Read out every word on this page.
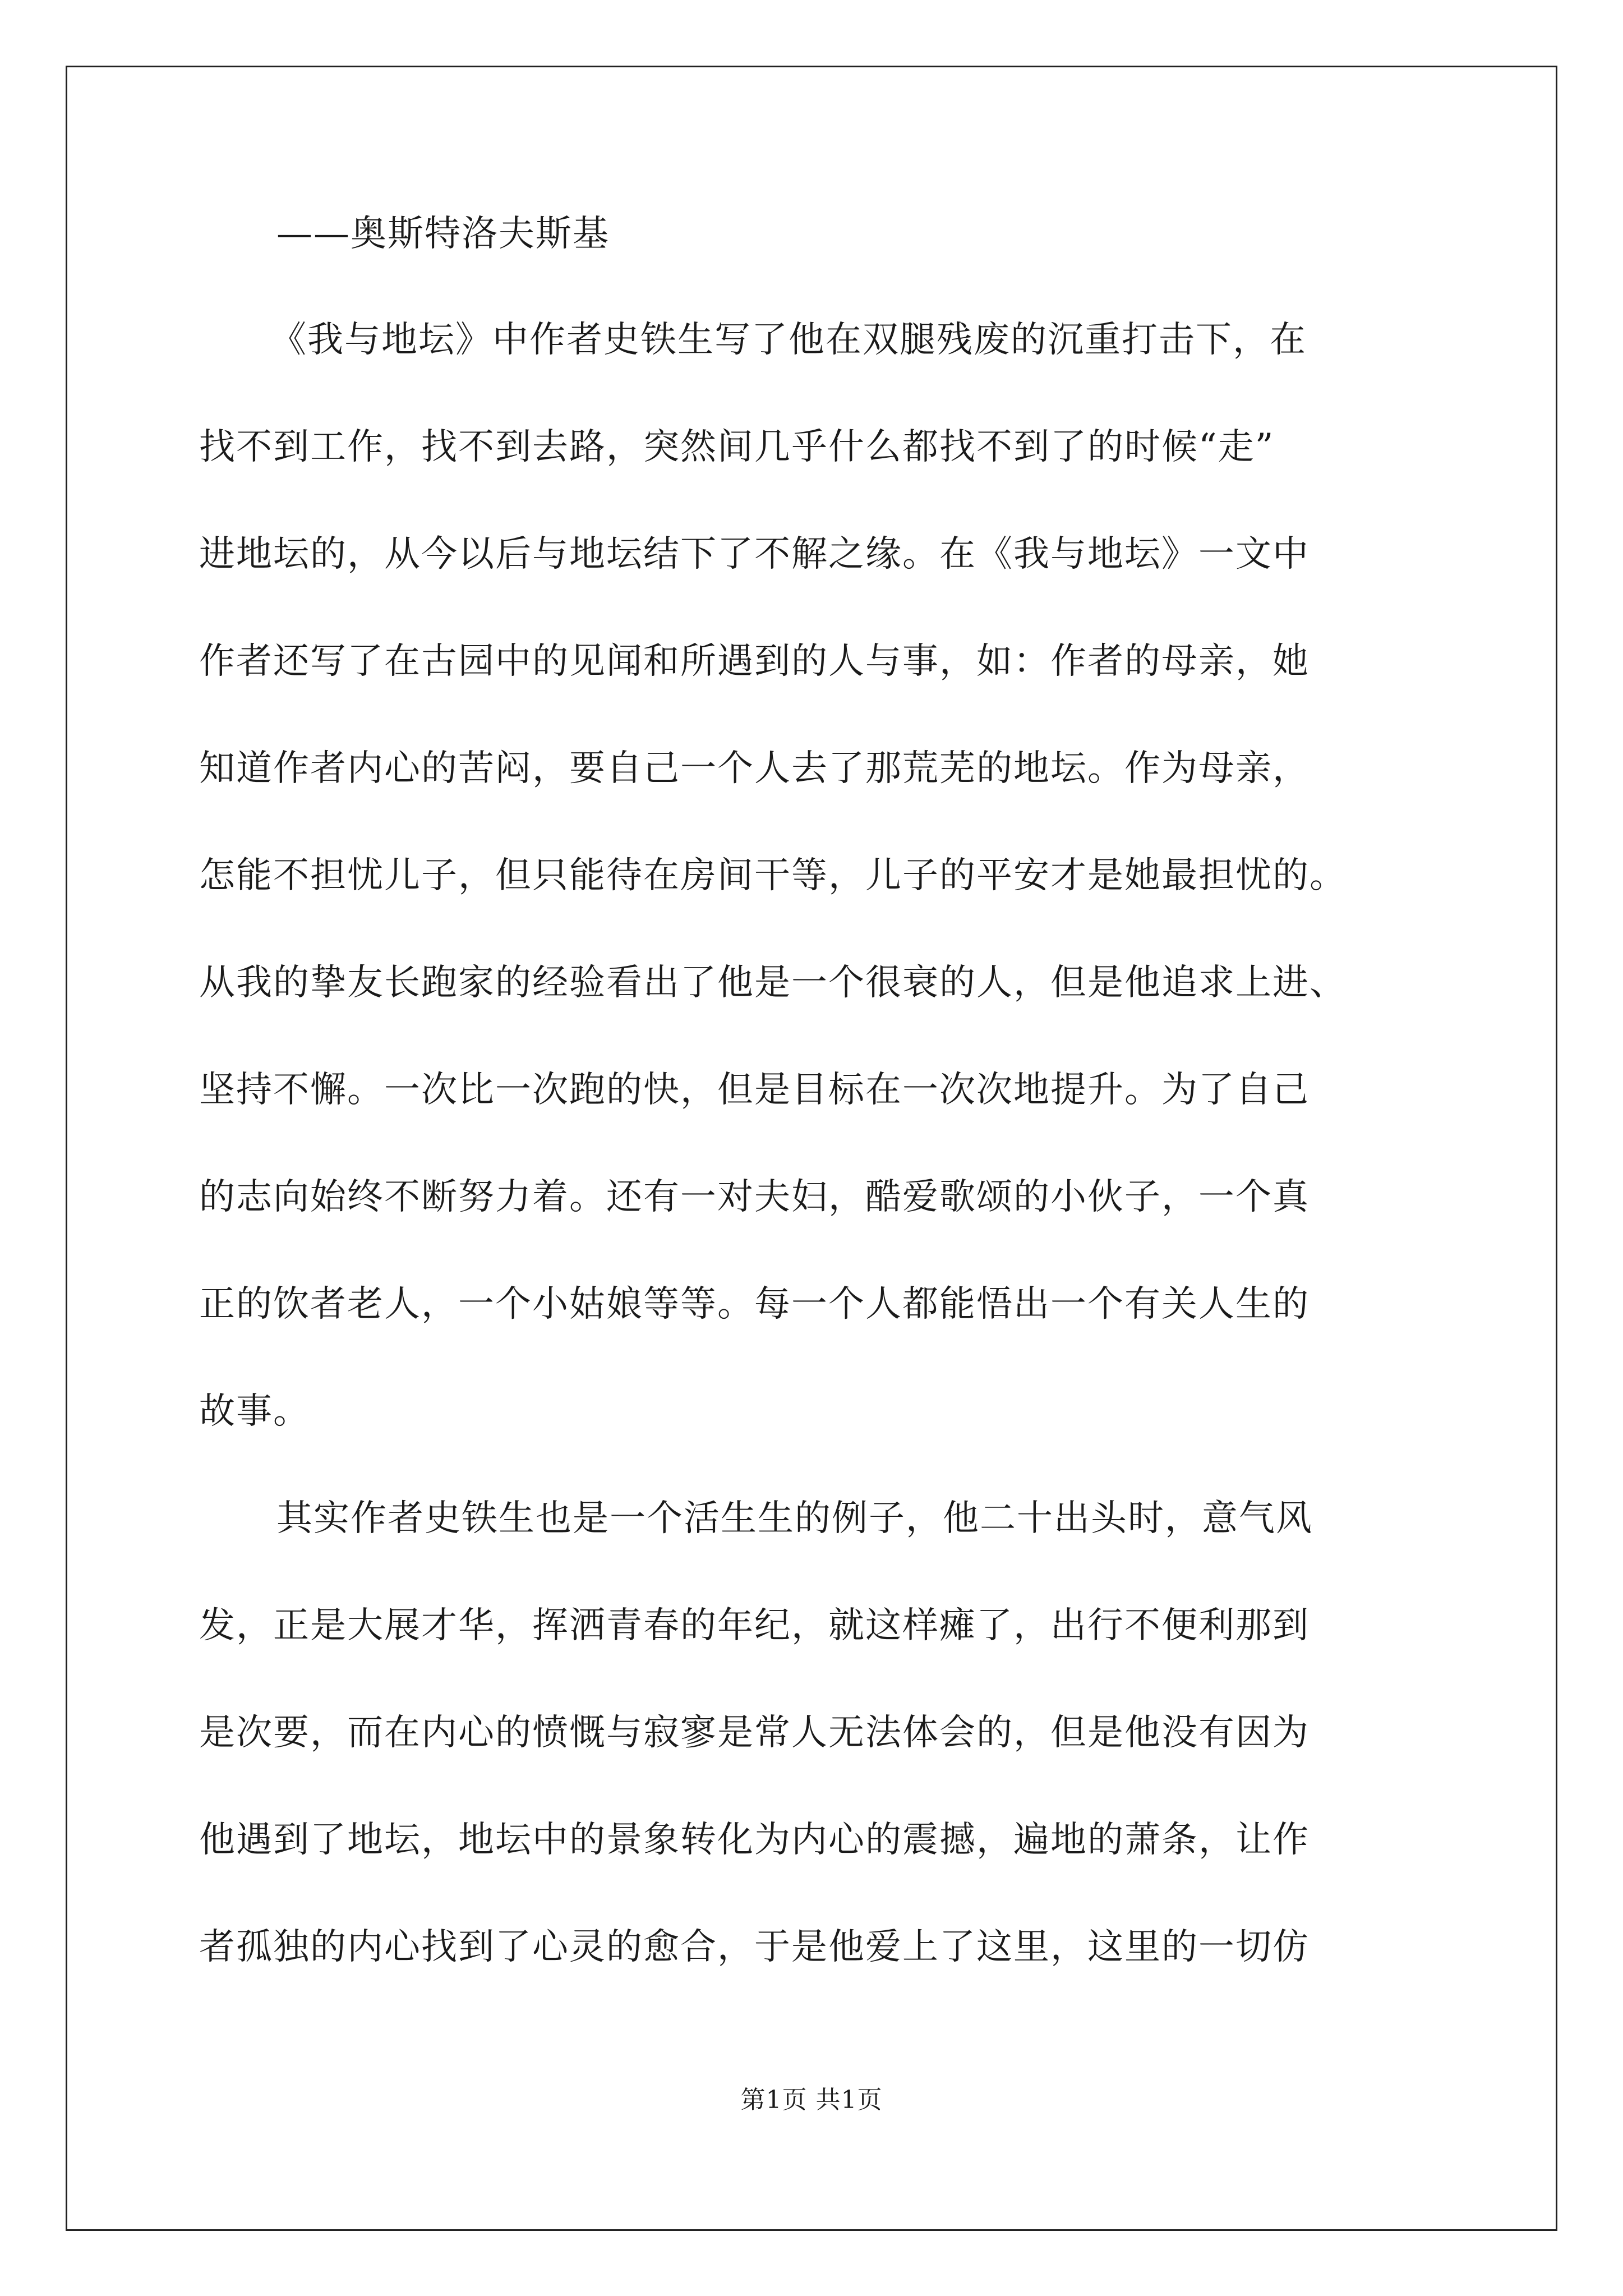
——奥斯特洛夫斯基
《我与地坛》中作者史铁生写了他在双腿残废的沉重打击下，在
找不到工作，找不到去路，突然间几乎什么都找不到了的时候“走”
进地坛的，从今以后与地坛结下了不解之缘。在《我与地坛》一文中
作者还写了在古园中的见闻和所遇到的人与事，如：作者的母亲，她
知道作者内心的苦闷，要自己一个人去了那荒芜的地坛。作为母亲，
怎能不担忧儿子，但只能待在房间干等，儿子的平安才是她最担忧的。
从我的挚友长跑家的经验看出了他是一个很衰的人，但是他追求上进、
坚持不懈。一次比一次跑的快，但是目标在一次次地提升。为了自己
的志向始终不断努力着。还有一对夫妇，酷爱歌颂的小伙子，一个真
正的饮者老人，一个小姑娘等等。每一个人都能悟出一个有关人生的
故事。
其实作者史铁生也是一个活生生的例子，他二十出头时，意气风
发，正是大展才华，挥洒青春的年纪，就这样瘫了，出行不便利那到
是次要，而在内心的愤慨与寂寥是常人无法体会的，但是他没有因为
他遇到了地坛，地坛中的景象转化为内心的震撼，遍地的萧条，让作
者孤独的内心找到了心灵的愈合，于是他爱上了这里，这里的一切仿
第1页 共1页
